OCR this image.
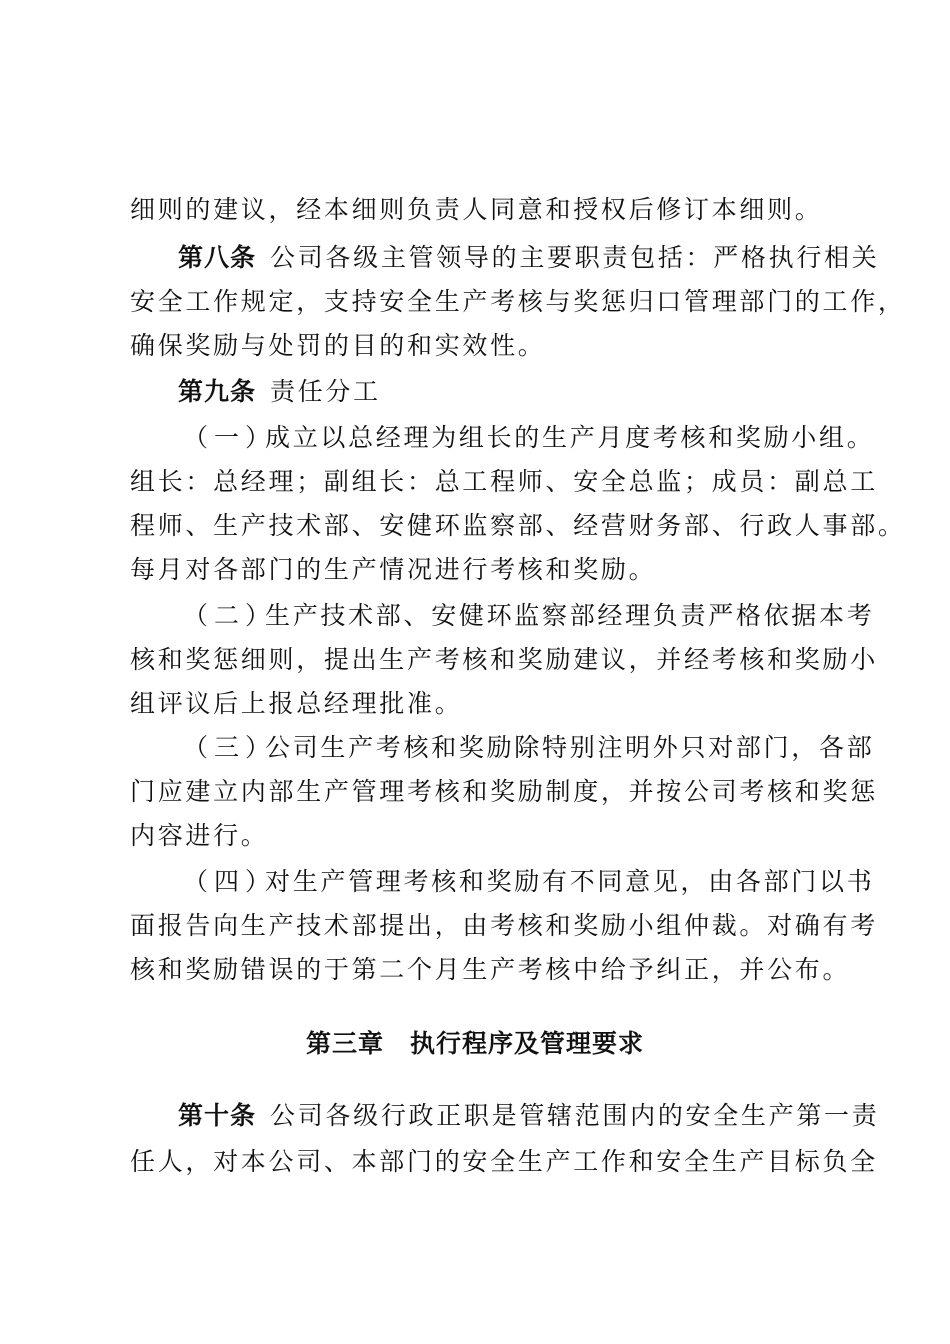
细则的建议，经本细则负责人同意和授权后修订本细则。
第八条 公司各级主管领导的主要职责包括：严格执行相关
安全工作规定，支持安全生产考核与奖惩归口管理部门的工作，
确保奖励与处罚的目的和实效性。
第九条 责任分工
（一）成立以总经理为组长的生产月度考核和奖励小组。
组长：总经理；副组长：总工程师、安全总监；成员：副总工
程师、生产技术部、安健环监察部、经营财务部、行政人事部。
每月对各部门的生产情况进行考核和奖励。
（二）生产技术部、安健环监察部经理负责严格依据本考
核和奖惩细则，提出生产考核和奖励建议，并经考核和奖励小
组评议后上报总经理批准。
（三）公司生产考核和奖励除特别注明外只对部门，各部
门应建立内部生产管理考核和奖励制度，并按公司考核和奖惩
内容进行。
（四）对生产管理考核和奖励有不同意见，由各部门以书
面报告向生产技术部提出，由考核和奖励小组仲裁。对确有考
核和奖励错误的于第二个月生产考核中给予纠正，并公布。
第三章　执行程序及管理要求
第十条 公司各级行政正职是管辖范围内的安全生产第一责
任人，对本公司、本部门的安全生产工作和安全生产目标负全
